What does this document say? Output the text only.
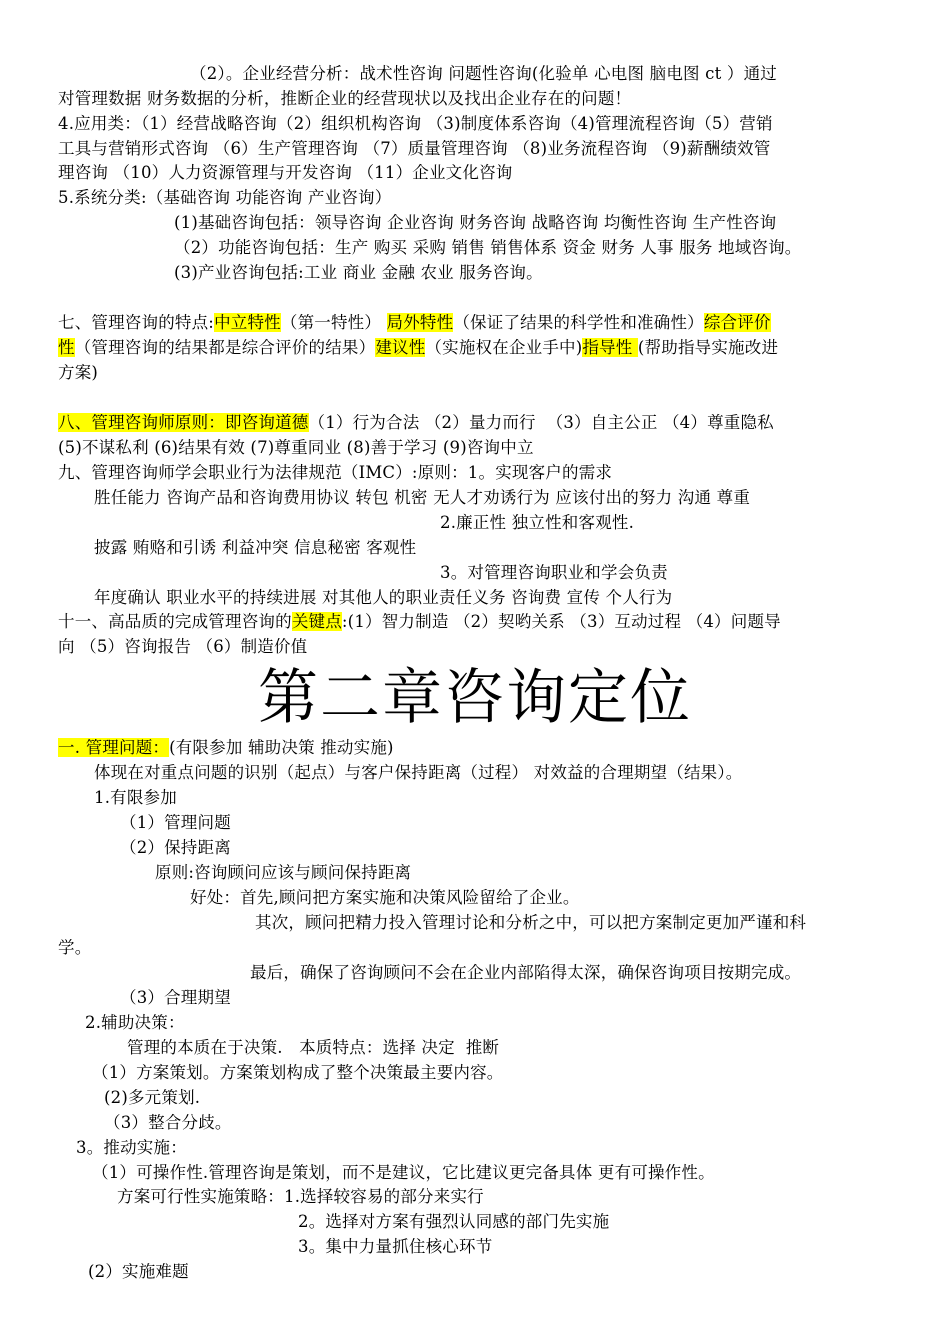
（2）。企业经营分析：战术性咨询 问题性咨询(化验单 心电图 脑电图 ct ）通过
对管理数据 财务数据的分析，推断企业的经营现状以及找出企业存在的问题！
4.应用类：（1）经营战略咨询（2）组织机构咨询 （3)制度体系咨询（4)管理流程咨询（5）营销
工具与营销形式咨询 （6）生产管理咨询 （7）质量管理咨询 （8)业务流程咨询 （9)薪酬绩效管
理咨询 （10）人力资源管理与开发咨询 （11）企业文化咨询
5.系统分类:（基础咨询 功能咨询 产业咨询）
(1)基础咨询包括：领导咨询 企业咨询 财务咨询 战略咨询 均衡性咨询 生产性咨询
（2）功能咨询包括：生产 购买 采购 销售 销售体系 资金 财务 人事 服务 地域咨询。
(3)产业咨询包括:工业 商业 金融 农业 服务咨询。
七、管理咨询的特点:中立特性（第一特性） 局外特性（保证了结果的科学性和准确性）综合评价
性（管理咨询的结果都是综合评价的结果）建议性（实施权在企业手中)指导性 (帮助指导实施改进
方案)
八、管理咨询师原则：即咨询道德（1）行为合法 （2）量力而行  （3）自主公正 （4）尊重隐私
(5)不谋私利 (6)结果有效 (7)尊重同业 (8)善于学习 (9)咨询中立
九、管理咨询师学会职业行为法律规范（IMC）:原则：1。实现客户的需求
胜任能力 咨询产品和咨询费用协议 转包 机密 无人才劝诱行为 应该付出的努力 沟通 尊重
2.廉正性 独立性和客观性.
披露 贿赂和引诱 利益冲突 信息秘密 客观性
3。对管理咨询职业和学会负责
年度确认 职业水平的持续进展 对其他人的职业责任义务 咨询费 宣传 个人行为
十一、高品质的完成管理咨询的关键点:(1）智力制造 （2）契哟关系 （3）互动过程 （4）问题导
向 （5）咨询报告 （6）制造价值
第二章咨询定位
一. 管理问题：(有限参加 辅助决策 推动实施)
体现在对重点问题的识别（起点）与客户保持距离（过程） 对效益的合理期望（结果）。
1.有限参加
（1）管理问题
（2）保持距离
原则:咨询顾问应该与顾问保持距离
好处：首先,顾问把方案实施和决策风险留给了企业。
其次，顾问把精力投入管理讨论和分析之中，可以把方案制定更加严谨和科
学。
最后，确保了咨询顾问不会在企业内部陷得太深，确保咨询项目按期完成。
（3）合理期望
2.辅助决策：
管理的本质在于决策.   本质特点：选择 决定  推断
（1）方案策划。方案策划构成了整个决策最主要内容。
(2)多元策划.
（3）整合分歧。
3。推动实施：
（1）可操作性.管理咨询是策划，而不是建议，它比建议更完备具体 更有可操作性。
方案可行性实施策略：1.选择较容易的部分来实行
2。选择对方案有强烈认同感的部门先实施
3。集中力量抓住核心环节
(2）实施难题
